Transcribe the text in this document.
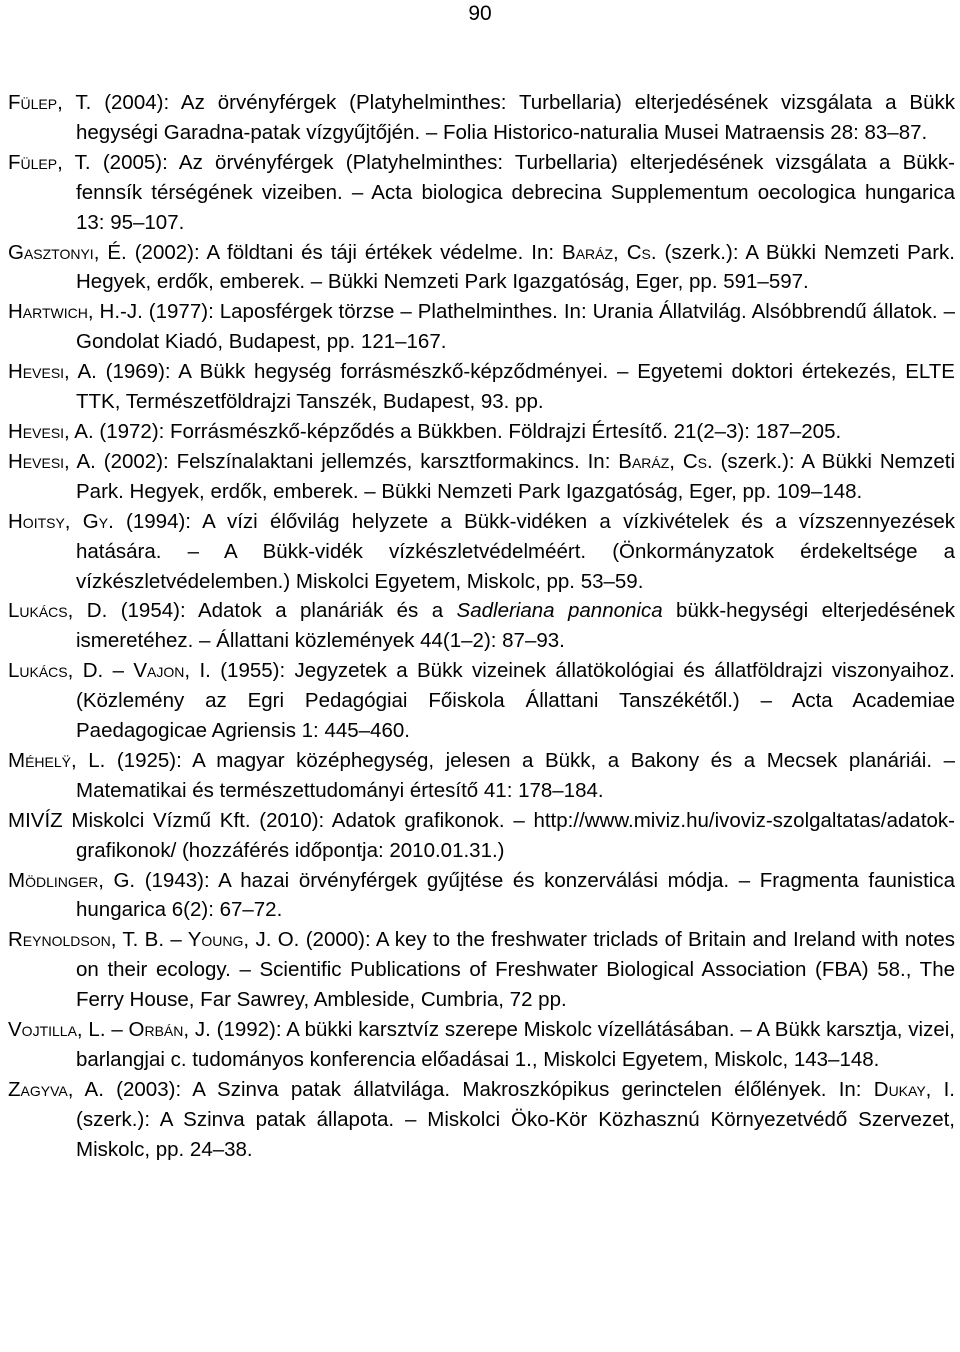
90
Fülep, T. (2004): Az örvényférgek (Platyhelminthes: Turbellaria) elterjedésének vizsgálata a Bükk hegységi Garadna-patak vízgyűjtőjén. – Folia Historico-naturalia Musei Matraensis 28: 83–87.
Fülep, T. (2005): Az örvényférgek (Platyhelminthes: Turbellaria) elterjedésének vizsgálata a Bükk-fennsík térségének vizeiben. – Acta biologica debrecina Supplementum oecologica hungarica 13: 95–107.
Gasztonyi, É. (2002): A földtani és táji értékek védelme. In: Baráz, Cs. (szerk.): A Bükki Nemzeti Park. Hegyek, erdők, emberek. – Bükki Nemzeti Park Igazgatóság, Eger, pp. 591–597.
Hartwich, H.-J. (1977): Laposférgek törzse – Plathelminthes. In: Urania Állatvilág. Alsóbbrendű állatok. – Gondolat Kiadó, Budapest, pp. 121–167.
Hevesi, A. (1969): A Bükk hegység forrásmészkő-képződményei. – Egyetemi doktori értekezés, ELTE TTK, Természetföldrajzi Tanszék, Budapest, 93. pp.
Hevesi, A. (1972): Forrásmészkő-képződés a Bükkben. Földrajzi Értesítő. 21(2–3): 187–205.
Hevesi, A. (2002): Felszínalaktani jellemzés, karsztformakincs. In: Baráz, Cs. (szerk.): A Bükki Nemzeti Park. Hegyek, erdők, emberek. – Bükki Nemzeti Park Igazgatóság, Eger, pp. 109–148.
Hoitsy, Gy. (1994): A vízi élővilág helyzete a Bükk-vidéken a vízkivételek és a vízszennyezések hatására. – A Bükk-vidék vízkészletvédelméért. (Önkormányzatok érdekeltsége a vízkészletvédelemben.) Miskolci Egyetem, Miskolc, pp. 53–59.
Lukács, D. (1954): Adatok a planáriák és a Sadleriana pannonica bükk-hegységi elterjedésének ismeretéhez. – Állattani közlemények 44(1–2): 87–93.
Lukács, D. – Vajon, I. (1955): Jegyzetek a Bükk vizeinek állatökológiai és állatföldrajzi viszonyaihoz. (Közlemény az Egri Pedagógiai Főiskola Állattani Tanszékétől.) – Acta Academiae Paedagogicae Agriensis 1: 445–460.
Méhelÿ, L. (1925): A magyar középhegység, jelesen a Bükk, a Bakony és a Mecsek planáriái. – Matematikai és természettudományi értesítő 41: 178–184.
MIVÍZ Miskolci Vízmű Kft. (2010): Adatok grafikonok. – http://www.miviz.hu/ivoviz-szolgaltatas/adatok-grafikonok/ (hozzáférés időpontja: 2010.01.31.)
Mödlinger, G. (1943): A hazai örvényférgek gyűjtése és konzerválási módja. – Fragmenta faunistica hungarica 6(2): 67–72.
Reynoldson, T. B. – Young, J. O. (2000): A key to the freshwater triclads of Britain and Ireland with notes on their ecology. – Scientific Publications of Freshwater Biological Association (FBA) 58., The Ferry House, Far Sawrey, Ambleside, Cumbria, 72 pp.
Vojtilla, L. – Orbán, J. (1992): A bükki karsztvíz szerepe Miskolc vízellátásában. – A Bükk karsztja, vizei, barlangjai c. tudományos konferencia előadásai 1., Miskolci Egyetem, Miskolc, 143–148.
Zagyva, A. (2003): A Szinva patak állatvilága. Makroszkópikus gerinctelen élőlények. In: Dukay, I. (szerk.): A Szinva patak állapota. – Miskolci Öko-Kör Közhasznú Környezetvédő Szervezet, Miskolc, pp. 24–38.
